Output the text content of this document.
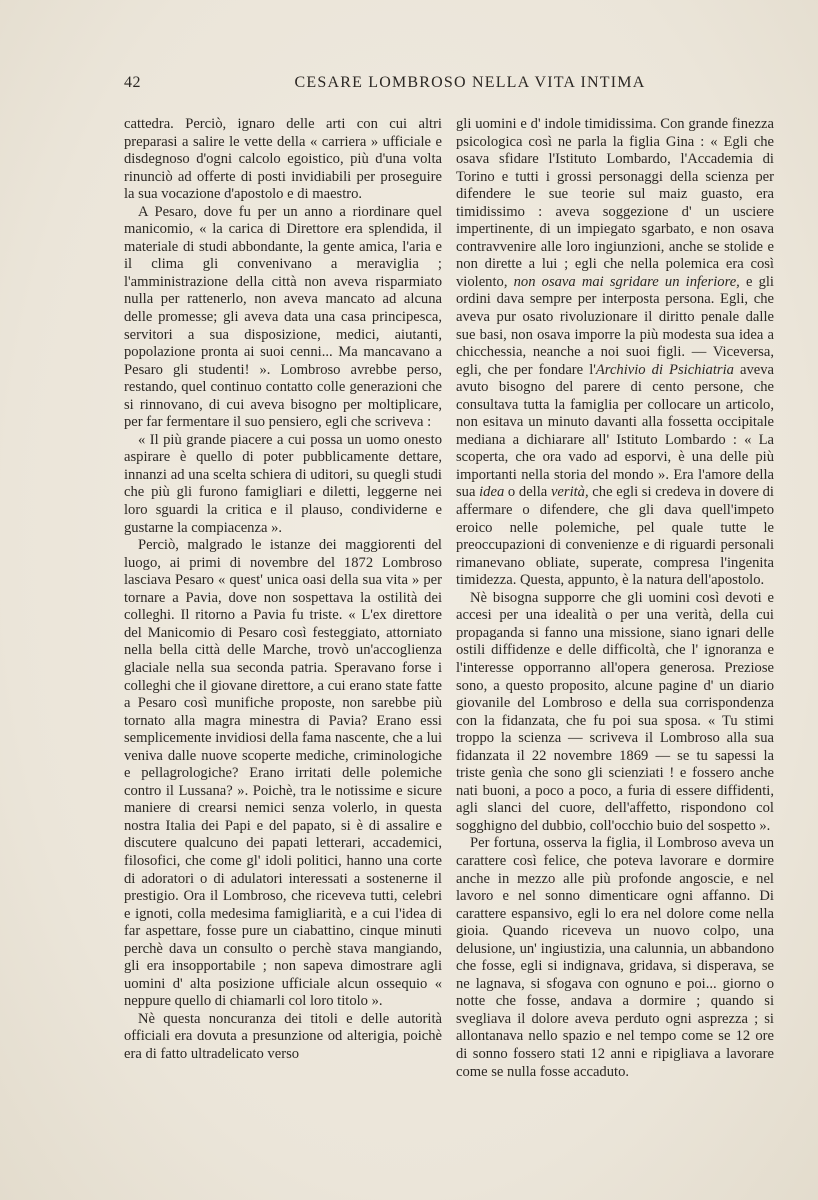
42	CESARE LOMBROSO NELLA VITA INTIMA

cattedra. Perciò, ignaro delle arti con cui altri preparasi a salire le vette della « carriera » ufficiale e disdegnoso d'ogni calcolo egoistico, più d'una volta rinunciò ad offerte di posti invidiabili per proseguire la sua vocazione d'apostolo e di maestro.

A Pesaro, dove fu per un anno a riordinare quel manicomio, « la carica di Direttore era splendida, il materiale di studi abbondante, la gente amica, l'aria e il clima gli convenivano a meraviglia ; l'amministrazione della città non aveva risparmiato nulla per rattenerlo, non aveva mancato ad alcuna delle promesse; gli aveva data una casa principesca, servitori a sua disposizione, medici, aiutanti, popolazione pronta ai suoi cenni... Ma mancavano a Pesaro gli studenti! ». Lombroso avrebbe perso, restando, quel continuo contatto colle generazioni che si rinnovano, di cui aveva bisogno per moltiplicare, per far fermentare il suo pensiero, egli che scriveva :

« Il più grande piacere a cui possa un uomo onesto aspirare è quello di poter pubblicamente dettare, innanzi ad una scelta schiera di uditori, su quegli studi che più gli furono famigliari e diletti, leggerne nei loro sguardi la critica e il plauso, condividerne e gustarne la compiacenza ».

Perciò, malgrado le istanze dei maggiorenti del luogo, ai primi di novembre del 1872 Lombroso lasciava Pesaro « quest' unica oasi della sua vita » per tornare a Pavia, dove non sospettava la ostilità dei colleghi. Il ritorno a Pavia fu triste. « L'ex direttore del Manicomio di Pesaro così festeggiato, attorniato nella bella città delle Marche, trovò un'accoglienza glaciale nella sua seconda patria. Speravano forse i colleghi che il giovane direttore, a cui erano state fatte a Pesaro così munifiche proposte, non sarebbe più tornato alla magra minestra di Pavia? Erano essi semplicemente invidiosi della fama nascente, che a lui veniva dalle nuove scoperte mediche, criminologiche e pellagrologiche? Erano irritati delle polemiche contro il Lussana? ». Poichè, tra le notissime e sicure maniere di crearsi nemici senza volerlo, in questa nostra Italia dei Papi e del papato, si è di assalire e discutere qualcuno dei papati letterari, accademici, filosofici, che come gl' idoli politici, hanno una corte di adoratori o di adulatori interessati a sostenerne il prestigio. Ora il Lombroso, che riceveva tutti, celebri e ignoti, colla medesima famigliarità, e a cui l'idea di far aspettare, fosse pure un ciabattino, cinque minuti perchè dava un consulto o perchè stava mangiando, gli era insopportabile ; non sapeva dimostrare agli uomini d' alta posizione ufficiale alcun ossequio « neppure quello di chiamarli col loro titolo ».

Nè questa noncuranza dei titoli e delle autorità officiali era dovuta a presunzione od alterigia, poichè era di fatto ultradelicato verso

gli uomini e d' indole timidissima. Con grande finezza psicologica così ne parla la figlia Gina : « Egli che osava sfidare l'Istituto Lombardo, l'Accademia di Torino e tutti i grossi personaggi della scienza per difendere le sue teorie sul maiz guasto, era timidissimo : aveva soggezione d' un usciere impertinente, di un impiegato sgarbato, e non osava contravvenire alle loro ingiunzioni, anche se stolide e non dirette a lui ; egli che nella polemica era così violento, non osava mai sgridare un inferiore, e gli ordini dava sempre per interposta persona. Egli, che aveva pur osato rivoluzionare il diritto penale dalle sue basi, non osava imporre la più modesta sua idea a chicchessia, neanche a noi suoi figli. — Viceversa, egli, che per fondare l'Archivio di Psichiatria aveva avuto bisogno del parere di cento persone, che consultava tutta la famiglia per collocare un articolo, non esitava un minuto davanti alla fossetta occipitale mediana a dichiarare all' Istituto Lombardo : « La scoperta, che ora vado ad esporvi, è una delle più importanti nella storia del mondo ». Era l'amore della sua idea o della verità, che egli si credeva in dovere di affermare o difendere, che gli dava quell'impeto eroico nelle polemiche, pel quale tutte le preoccupazioni di convenienze e di riguardi personali rimanevano obliate, superate, compresa l'ingenita timidezza. Questa, appunto, è la natura dell'apostolo.

Nè bisogna supporre che gli uomini così devoti e accesi per una idealità o per una verità, della cui propaganda si fanno una missione, siano ignari delle ostili diffidenze e delle difficoltà, che l' ignoranza e l'interesse opporranno all'opera generosa. Preziose sono, a questo proposito, alcune pagine d' un diario giovanile del Lombroso e della sua corrispondenza con la fidanzata, che fu poi sua sposa. « Tu stimi troppo la scienza — scriveva il Lombroso alla sua fidanzata il 22 novembre 1869 — se tu sapessi la triste genìa che sono gli scienziati ! e fossero anche nati buoni, a poco a poco, a furia di essere diffidenti, agli slanci del cuore, dell'affetto, rispondono col sogghigno del dubbio, coll'occhio buio del sospetto ».

Per fortuna, osserva la figlia, il Lombroso aveva un carattere così felice, che poteva lavorare e dormire anche in mezzo alle più profonde angoscie, e nel lavoro e nel sonno dimenticare ogni affanno. Di carattere espansivo, egli lo era nel dolore come nella gioia. Quando riceveva un nuovo colpo, una delusione, un' ingiustizia, una calunnia, un abbandono che fosse, egli si indignava, gridava, si disperava, se ne lagnava, si sfogava con ognuno e poi... giorno o notte che fosse, andava a dormire ; quando si svegliava il dolore aveva perduto ogni asprezza ; si allontanava nello spazio e nel tempo come se 12 ore di sonno fossero stati 12 anni e ripigliava a lavorare come se nulla fosse accaduto.
